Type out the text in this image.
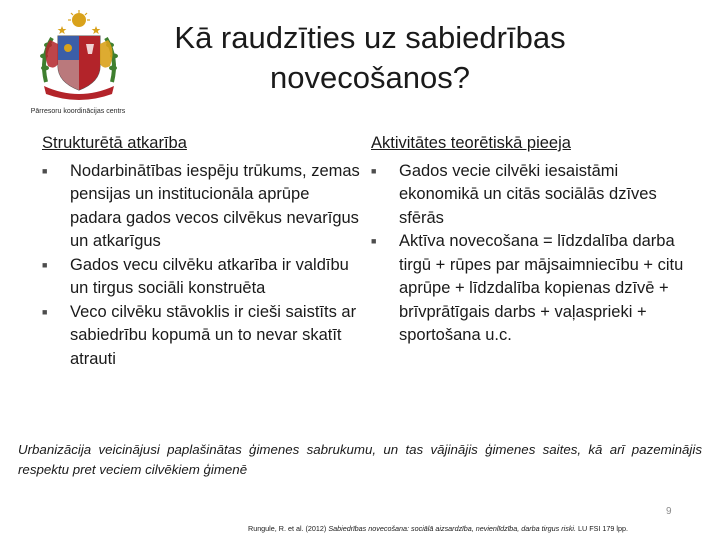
Pārresoru koordinācijas centrs
Kā raudzīties uz sabiedrības
novecošanos?
Strukturētā atkarība
■ Nodarbinātības iespēju trūkums, zemas pensijas un institucionāla aprūpe padara gados vecos cilvēkus nevarīgus un atkarīgus
■ Gados vecu cilvēku atkarība ir valdību un tirgus sociāli konstruēta
■ Veco cilvēku stāvoklis ir cieši saistīts ar sabiedrību kopumā un to nevar skatīt atrauti
Aktivitātes teorētiskā pieeja
■ Gados vecie cilvēki iesaistāmi ekonomikā un citās sociālās dzīves sfērās
■ Aktīva novecošana = līdzdalība darba tirgū + rūpes par mājsaimniecību + citu aprūpe + līdzdalība kopienas dzīvē + brīvprātīgais darbs + vaļasprieki + sportošana u.c.
Urbanizācija veicinājusi paplašinātas ģimenes sabrukumu, un tas vājinājis ģimenes saites, kā arī pazeminājis respektu pret veciem cilvēkiem ģimenē
9
Rungule, R. et al. (2012) Sabiedrības novecošana: sociālā aizsardzība, nevienlīdzība, darba tirgus riski. LU FSI 179 lpp.
